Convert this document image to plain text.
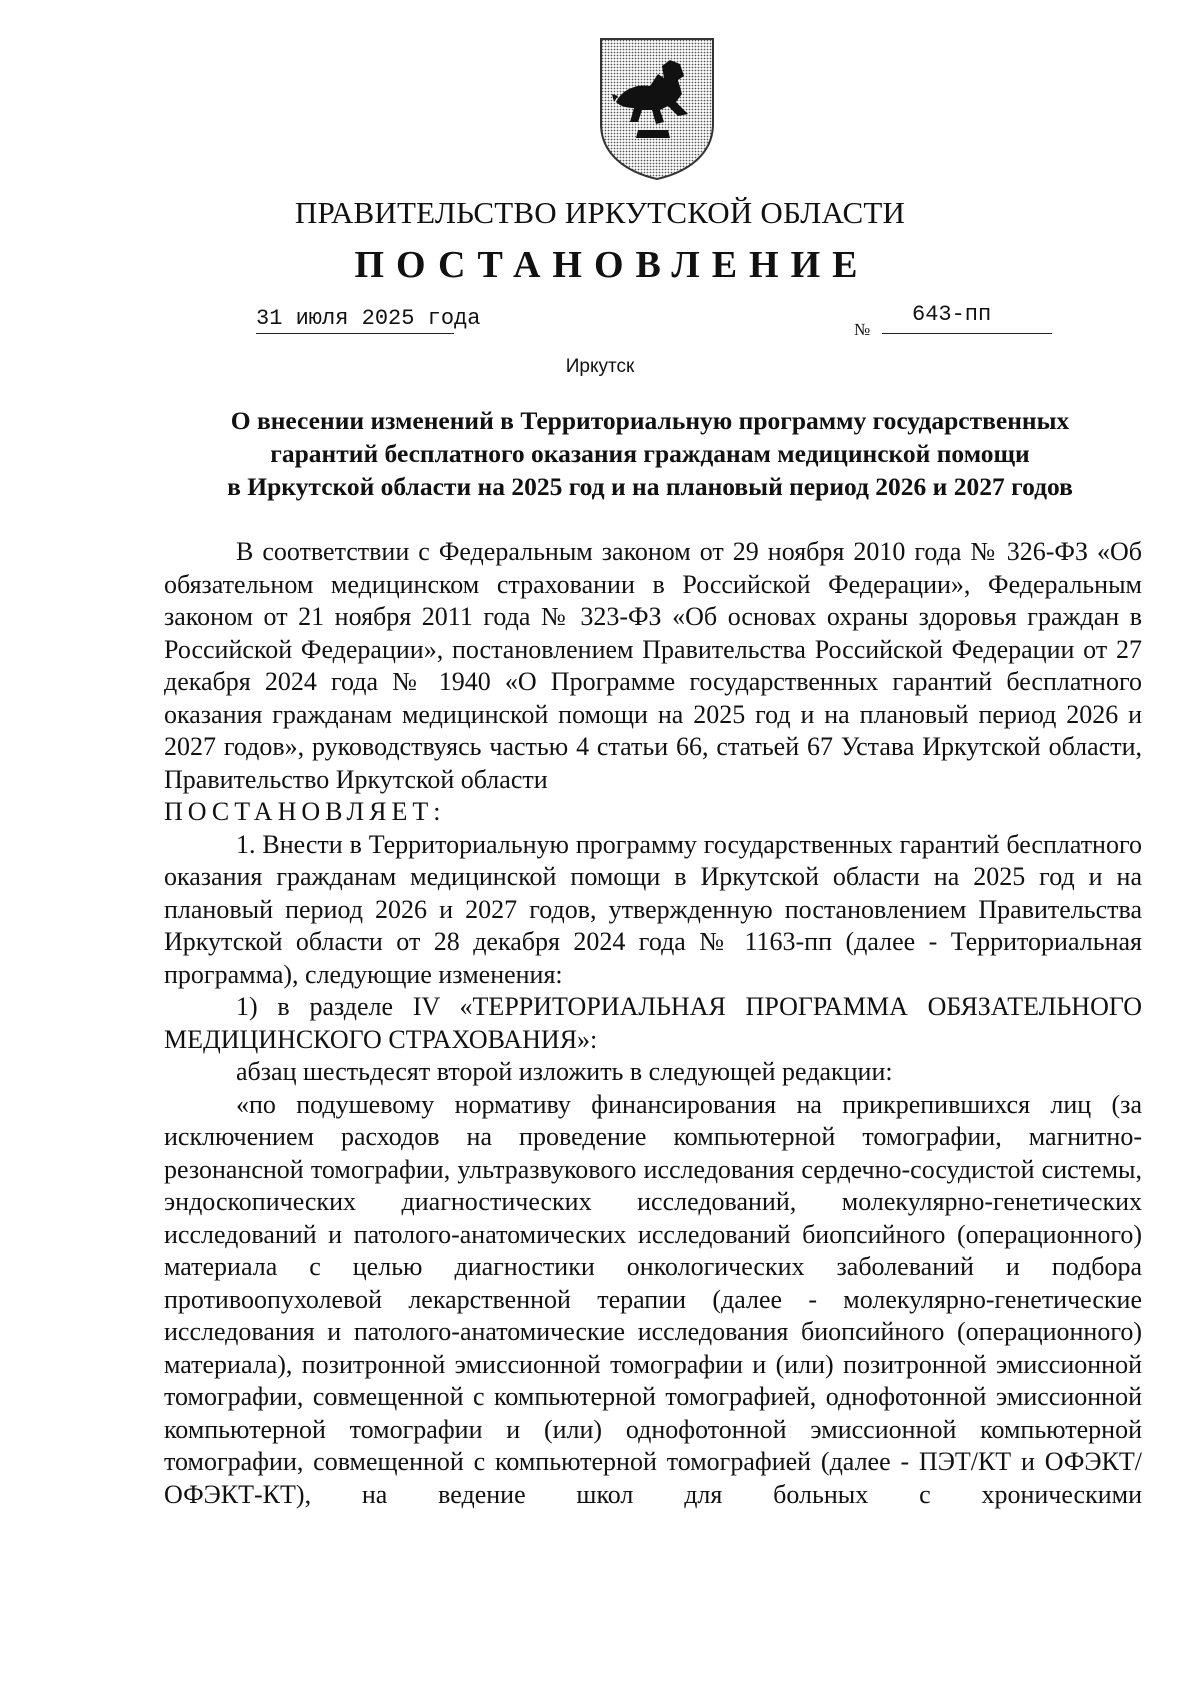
ПРАВИТЕЛЬСТВО ИРКУТСКОЙ ОБЛАСТИ
ПОСТАНОВЛЕНИЕ
31 июля 2025 года	№
643-пп
Иркутск
О внесении изменений в Территориальную программу государственных
гарантий бесплатного оказания гражданам медицинской помощи
в Иркутской области на 2025 год и на плановый период 2026 и 2027 годов

В соответствии с Федеральным законом от 29 ноября 2010 года № 326-ФЗ «Об обязательном медицинском страховании в Российской Федерации», Федеральным законом от 21 ноября 2011 года № 323-ФЗ «Об основах охраны здоровья граждан в Российской Федерации», постановлением Правительства Российской Федерации от 27 декабря 2024 года № 1940 «О Программе государственных гарантий бесплатного оказания гражданам медицинской помощи на 2025 год и на плановый период 2026 и 2027 годов», руководствуясь частью 4 статьи 66, статьей 67 Устава Иркутской области, Правительство Иркутской области

ПОСТАНОВЛЯЕТ:

1. Внести в Территориальную программу государственных гарантий бесплатного оказания гражданам медицинской помощи в Иркутской области на 2025 год и на плановый период 2026 и 2027 годов, утвержденную постановлением Правительства Иркутской области от 28 декабря 2024 года № 1163-пп (далее - Территориальная программа), следующие изменения:

1) в разделе IV «ТЕРРИТОРИАЛЬНАЯ ПРОГРАММА ОБЯЗАТЕЛЬНОГО МЕДИЦИНСКОГО СТРАХОВАНИЯ»:

абзац шестьдесят второй изложить в следующей редакции:

«по подушевому нормативу финансирования на прикрепившихся лиц (за исключением расходов на проведение компьютерной томографии, магнитно-резонансной томографии, ультразвукового исследования сердечно-сосудистой системы, эндоскопических диагностических исследований, молекулярно-генетических исследований и патолого-анатомических исследований биопсийного (операционного) материала с целью диагностики онкологических заболеваний и подбора противоопухолевой лекарственной терапии (далее - молекулярно-генетические исследования и патолого-анатомические исследования биопсийного (операционного) материала), позитронной эмиссионной томографии и (или) позитронной эмиссионной томографии, совмещенной с компьютерной томографией, однофотонной эмиссионной компьютерной томографии и (или) однофотонной эмиссионной компьютерной томографии, совмещенной с компьютерной томографией (далее - ПЭТ/КТ и ОФЭКТ/ОФЭКТ-КТ), на ведение школ для больных с хроническими
